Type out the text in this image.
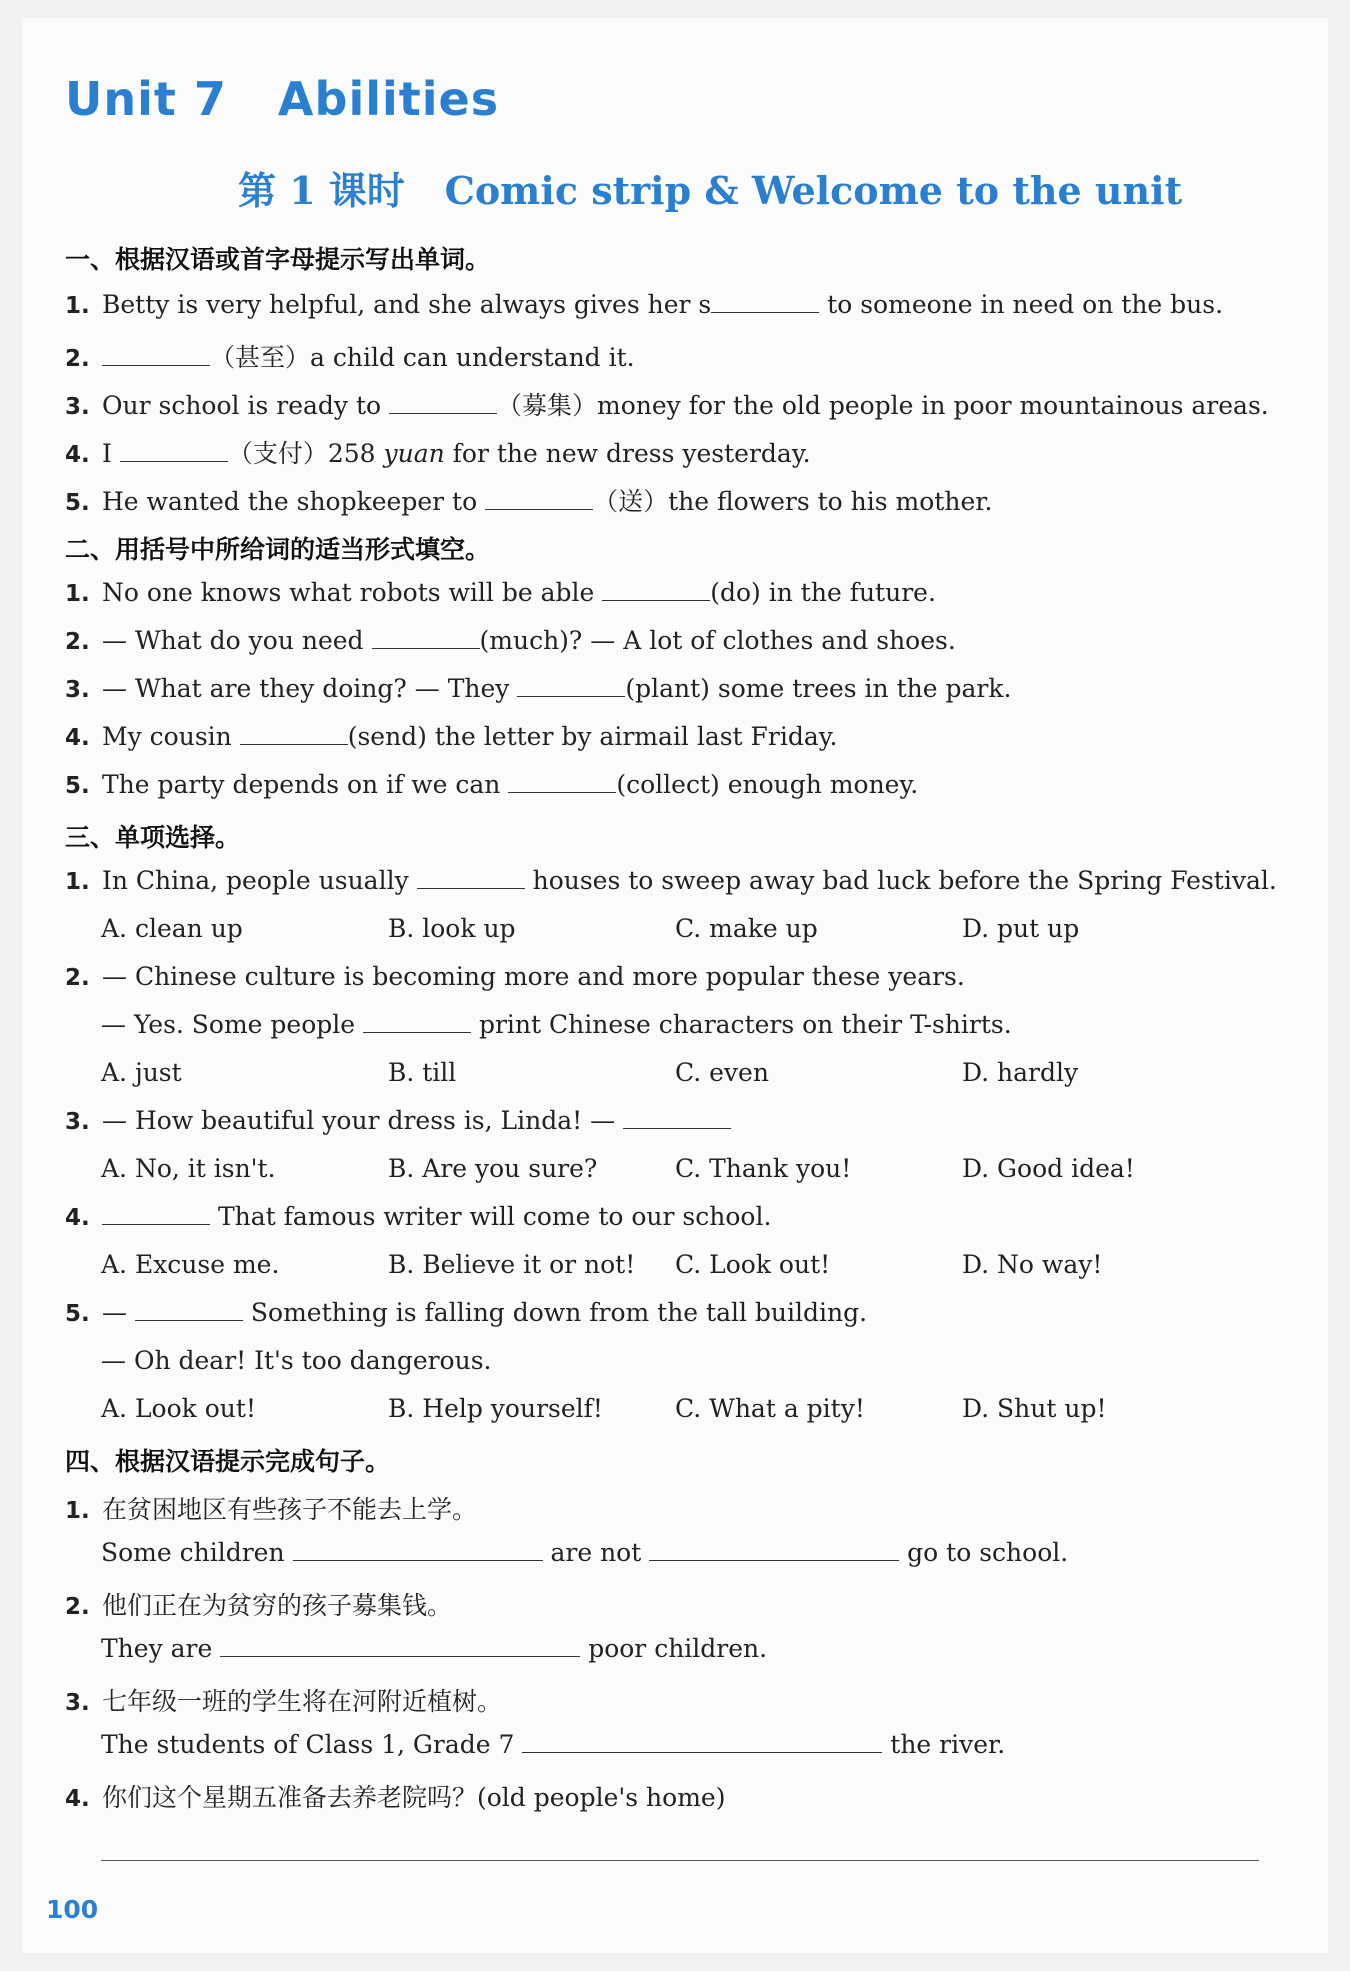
Unit 7   Abilities
第 1 课时   Comic strip & Welcome to the unit
一、根据汉语或首字母提示写出单词。
1. Betty is very helpful, and she always gives her s	to someone in need on the bus.
2.	（甚至）a child can understand it.
3. Our school is ready to	（募集）money for the old people in poor mountainous areas.
4. I	（支付）258 yuan for the new dress yesterday.
5. He wanted the shopkeeper to	（送）the flowers to his mother.
二、用括号中所给词的适当形式填空。
1. No one knows what robots will be able	(do) in the future.
2. — What do you need	(much)? — A lot of clothes and shoes.
3. — What are they doing? — They	(plant) some trees in the park.
4. My cousin	(send) the letter by airmail last Friday.
5. The party depends on if we can	(collect) enough money.
三、单项选择。
1. In China, people usually	houses to sweep away bad luck before the Spring Festival.
A. clean up	B. look up	C. make up	D. put up
2. — Chinese culture is becoming more and more popular these years.
— Yes. Some people	print Chinese characters on their T-shirts.
A. just	B. till	C. even	D. hardly
3. — How beautiful your dress is, Linda! —
A. No, it isn't.	B. Are you sure?	C. Thank you!	D. Good idea!
4.	That famous writer will come to our school.
A. Excuse me.	B. Believe it or not! C. Look out!	D. No way!
5. —	Something is falling down from the tall building.
— Oh dear! It's too dangerous.
A. Look out!	B. Help yourself!	C. What a pity!	D. Shut up!
四、根据汉语提示完成句子。
1. 在贫困地区有些孩子不能去上学。
Some children	are not	go to school.
2. 他们正在为贫穷的孩子募集钱。
They are	poor children.
3. 七年级一班的学生将在河附近植树。
The students of Class 1, Grade 7	the river.
4. 你们这个星期五准备去养老院吗？(old people's home)
100
